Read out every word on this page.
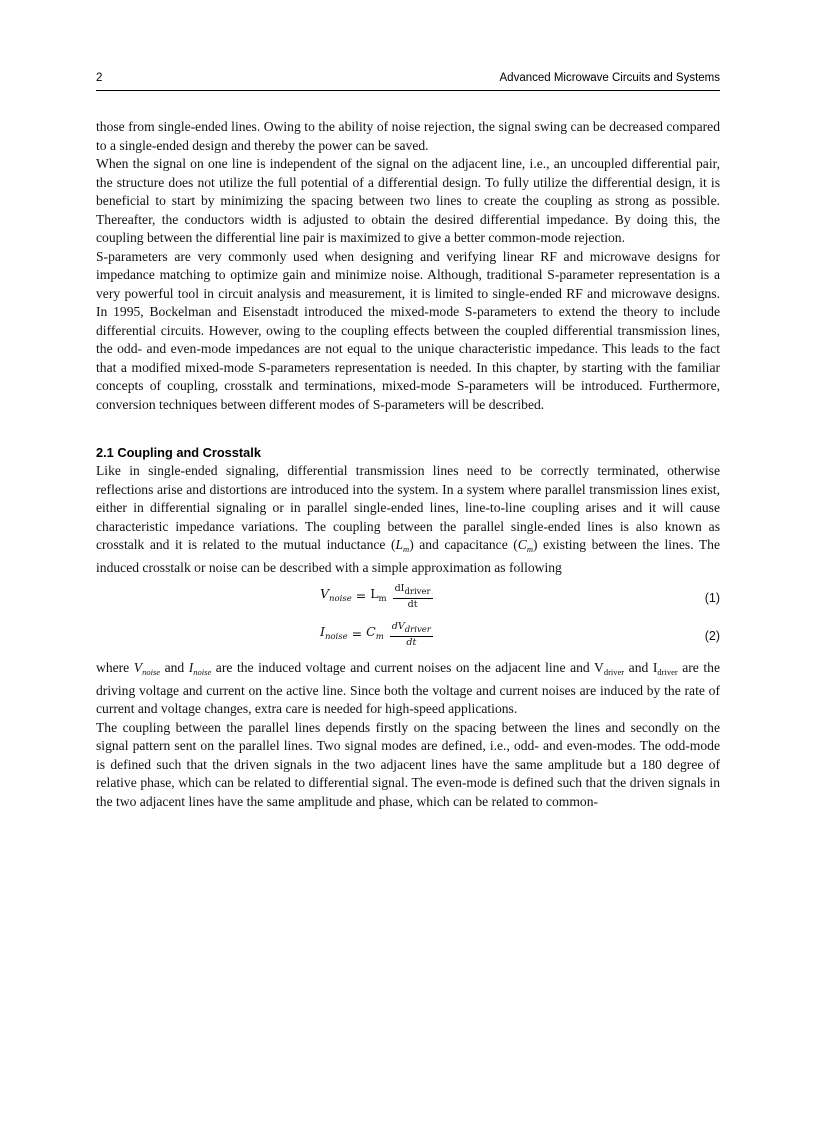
2	Advanced Microwave Circuits and Systems

those from single-ended lines. Owing to the ability of noise rejection, the signal swing can be decreased compared to a single-ended design and thereby the power can be saved.

When the signal on one line is independent of the signal on the adjacent line, i.e., an uncoupled differential pair, the structure does not utilize the full potential of a differential design. To fully utilize the differential design, it is beneficial to start by minimizing the spacing between two lines to create the coupling as strong as possible. Thereafter, the conductors width is adjusted to obtain the desired differential impedance. By doing this, the coupling between the differential line pair is maximized to give a better common-mode rejection.

S-parameters are very commonly used when designing and verifying linear RF and microwave designs for impedance matching to optimize gain and minimize noise. Although, traditional S-parameter representation is a very powerful tool in circuit analysis and measurement, it is limited to single-ended RF and microwave designs. In 1995, Bockelman and Eisenstadt introduced the mixed-mode S-parameters to extend the theory to include differential circuits. However, owing to the coupling effects between the coupled differential transmission lines, the odd- and even-mode impedances are not equal to the unique characteristic impedance. This leads to the fact that a modified mixed-mode S-parameters representation is needed. In this chapter, by starting with the familiar concepts of coupling, crosstalk and terminations, mixed-mode S-parameters will be introduced. Furthermore, conversion techniques between different modes of S-parameters will be described.

2.1 Coupling and Crosstalk

Like in single-ended signaling, differential transmission lines need to be correctly terminated, otherwise reflections arise and distortions are introduced into the system. In a system where parallel transmission lines exist, either in differential signaling or in parallel single-ended lines, line-to-line coupling arises and it will cause characteristic impedance variations. The coupling between the parallel single-ended lines is also known as crosstalk and it is related to the mutual inductance $(L_m)$ and capacitance $(C_m)$ existing between the lines. The induced crosstalk or noise can be described with a simple approximation as following

$V_{noise} = L_m \frac{\text{dIdriver}}{dt}$	(1)
$I_{noise} = C_m \frac{\text{dVdriver}}{dt}$	(2)

where $V_{noise}$ and $I_{noise}$ are the induced voltage and current noises on the adjacent line and $V_{driver}$ and $I_{driver}$ are the driving voltage and current on the active line. Since both the voltage and current noises are induced by the rate of current and voltage changes, extra care is needed for high-speed applications.

The coupling between the parallel lines depends firstly on the spacing between the lines and secondly on the signal pattern sent on the parallel lines. Two signal modes are defined, i.e., odd- and even-modes. The odd-mode is defined such that the driven signals in the two adjacent lines have the same amplitude but a 180 degree of relative phase, which can be related to differential signal. The even-mode is defined such that the driven signals in the two adjacent lines have the same amplitude and phase, which can be related to common-
